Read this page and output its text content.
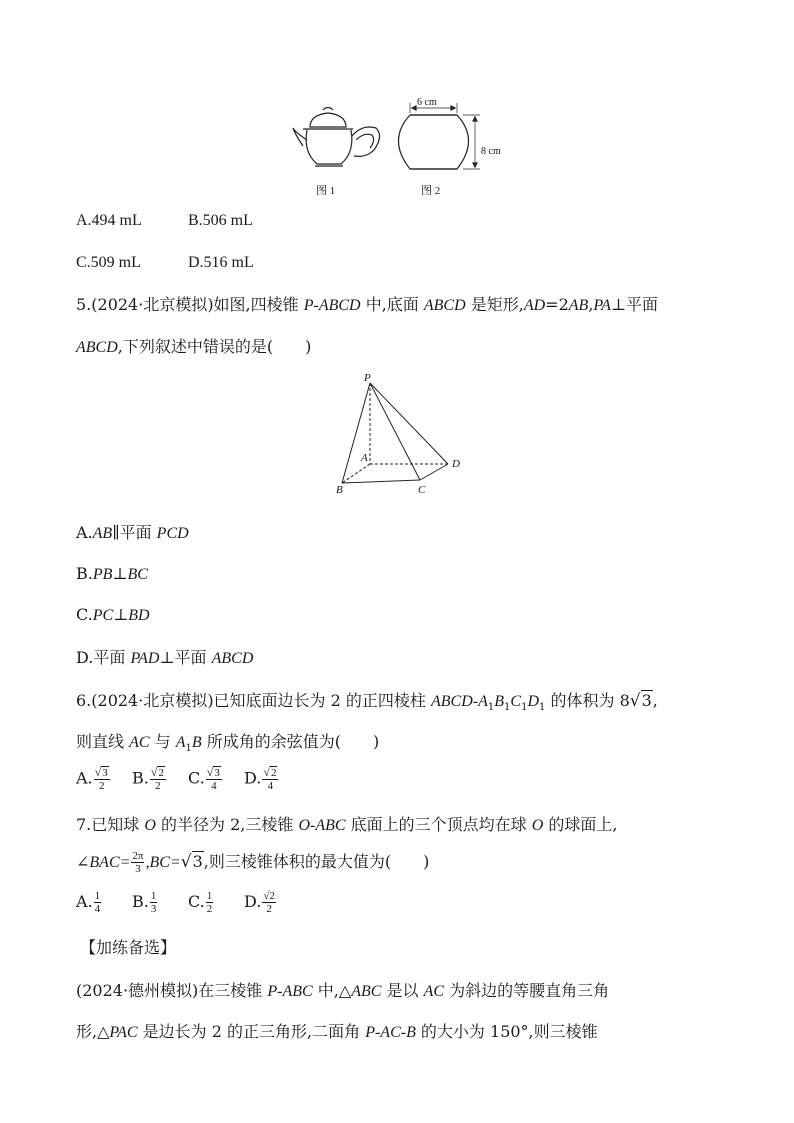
6 cm
8 cm
图 1	图 2
A.494 mL	B.506 mL
C.509 mL	D.516 mL
5.(2024·北京模拟)如图,四棱锥 P-ABCD 中,底面 ABCD 是矩形,AD=2AB,PA⊥平面
ABCD,下列叙述中错误的是(　　)
P
A
B	C
D
A.AB∥平面 PCD
B.PB⊥BC
C.PC⊥BD
D.平面 PAD⊥平面 ABCD
6.(2024·北京模拟)已知底面边长为 2 的正四棱柱 ABCD-$A_1B_1C_1D_1$ 的体积为 8√3,
则直线 AC 与 $A_1B$ 所成角的余弦值为(　　)
A. $\frac{√3}{2} B$. $\frac{√2}{2} C$. $\frac{√3}{4} D$. $\frac{√2}{4}$
7.已知球 O 的半径为 2,三棱锥 O-ABC 底面上的三个顶点均在球 O 的球面上,
∠BAC= $\frac{2\pi}{3} ,BC=√3$,则三棱锥体积的最大值为(　　)
A. $\frac{1}{4} B$. $\frac{1}{3} C$. $\frac{1}{2} D$. $\frac{√2}{2}$
【加练备选】
(2024·德州模拟)在三棱锥 P-ABC 中,△ABC 是以 AC 为斜边的等腰直角三角
形,△PAC 是边长为 2 的正三角形,二面角 P-AC-B 的大小为 150°,则三棱锥
